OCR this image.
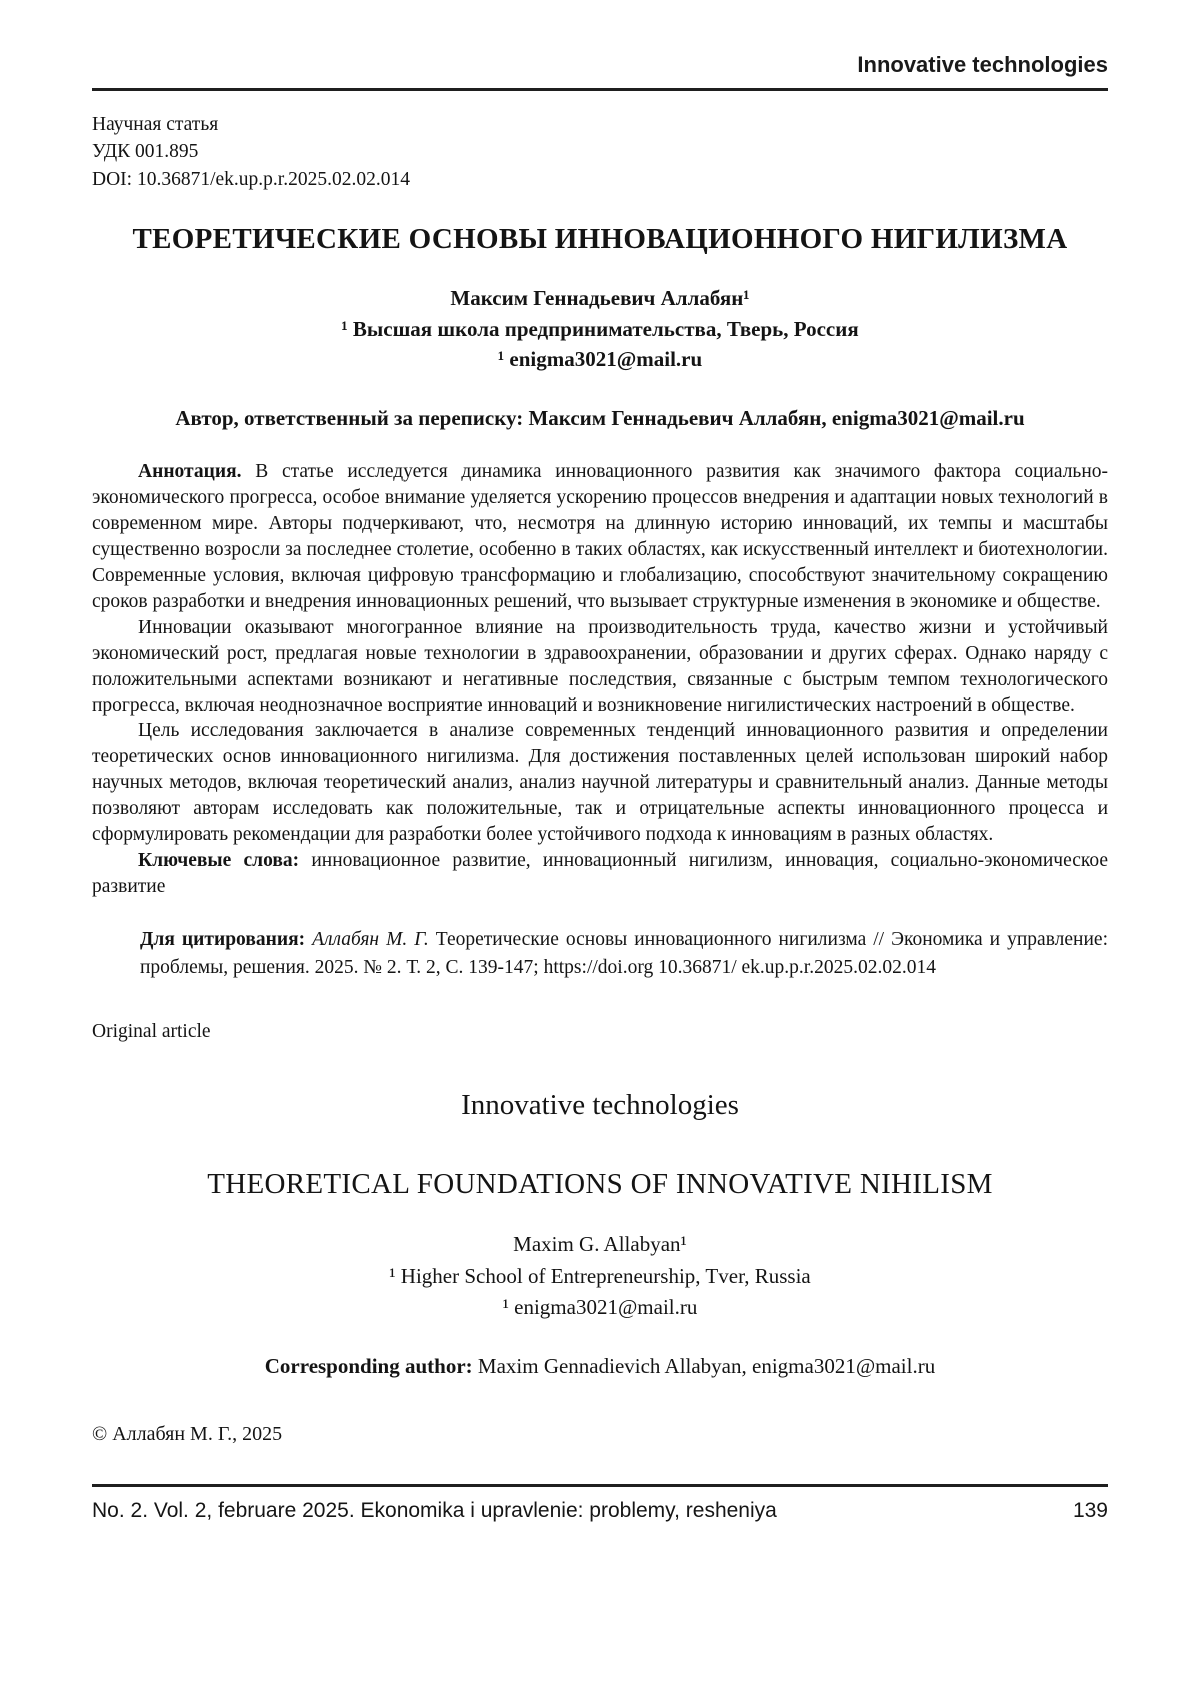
Innovative technologies
Научная статья
УДК 001.895
DOI: 10.36871/ek.up.p.r.2025.02.02.014
ТЕОРЕТИЧЕСКИЕ ОСНОВЫ ИННОВАЦИОННОГО НИГИЛИЗМА
Максим Геннадьевич Аллабян¹
¹ Высшая школа предпринимательства, Тверь, Россия
¹ enigma3021@mail.ru
Автор, ответственный за переписку: Максим Геннадьевич Аллабян, enigma3021@mail.ru

Аннотация. В статье исследуется динамика инновационного развития как значимого фактора социально-экономического прогресса, особое внимание уделяется ускорению процессов внедрения и адаптации новых технологий в современном мире. Авторы подчеркивают, что, несмотря на длинную историю инноваций, их темпы и масштабы существенно возросли за последнее столетие, особенно в таких областях, как искусственный интеллект и биотехнологии. Современные условия, включая цифровую трансформацию и глобализацию, способствуют значительному сокращению сроков разработки и внедрения инновационных решений, что вызывает структурные изменения в экономике и обществе.

Инновации оказывают многогранное влияние на производительность труда, качество жизни и устойчивый экономический рост, предлагая новые технологии в здравоохранении, образовании и других сферах. Однако наряду с положительными аспектами возникают и негативные последствия, связанные с быстрым темпом технологического прогресса, включая неоднозначное восприятие инноваций и возникновение нигилистических настроений в обществе.

Цель исследования заключается в анализе современных тенденций инновационного развития и определении теоретических основ инновационного нигилизма. Для достижения поставленных целей использован широкий набор научных методов, включая теоретический анализ, анализ научной литературы и сравнительный анализ. Данные методы позволяют авторам исследовать как положительные, так и отрицательные аспекты инновационного процесса и сформулировать рекомендации для разработки более устойчивого подхода к инновациям в разных областях.

Ключевые слова: инновационное развитие, инновационный нигилизм, инновация, социально-экономическое развитие

Для цитирования: Аллабян М. Г. Теоретические основы инновационного нигилизма // Экономика и управление: проблемы, решения. 2025. № 2. Т. 2, С. 139-147; https://doi.org 10.36871/ ek.up.p.r.2025.02.02.014

Original article
Innovative technologies
THEORETICAL FOUNDATIONS OF INNOVATIVE NIHILISM
Maxim G. Allabyan¹
¹ Higher School of Entrepreneurship, Tver, Russia
¹ enigma3021@mail.ru
Corresponding author: Maxim Gennadievich Allabyan, enigma3021@mail.ru
© Аллабян М. Г., 2025
No. 2. Vol. 2, februare 2025. Ekonomika i upravlenie: problemy, resheniya	139
